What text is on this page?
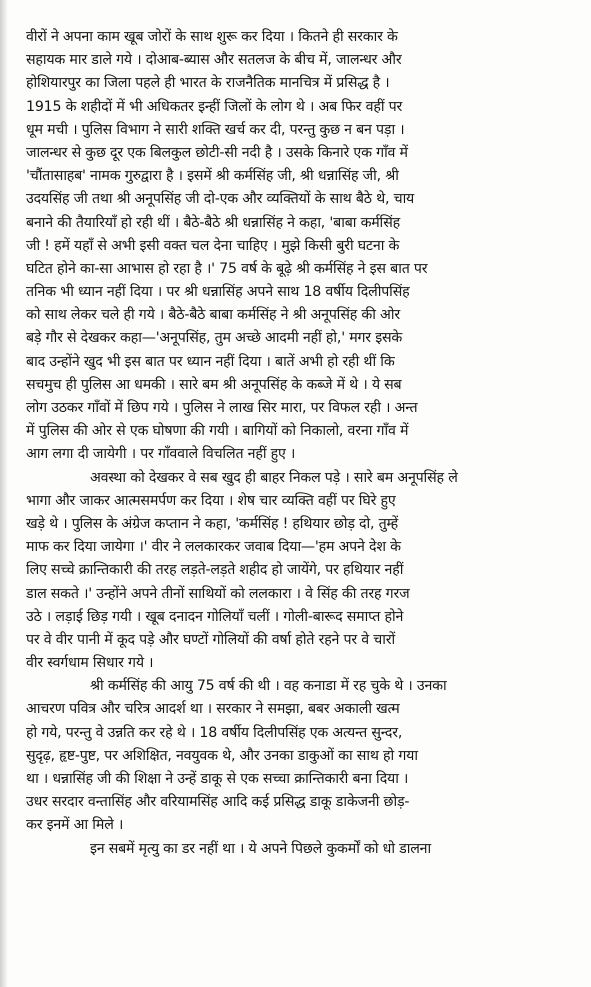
वीरों ने अपना काम खूब जोरों के साथ शुरू कर दिया । कितने ही सरकार के
सहायक मार डाले गये । दोआब-ब्यास और सतलज के बीच में, जालन्धर और
होशियारपुर का जिला पहले ही भारत के राजनैतिक मानचित्र में प्रसिद्ध है ।
1915 के शहीदों में भी अधिकतर इन्हीं जिलों के लोग थे । अब फिर वहीं पर
धूम मची । पुलिस विभाग ने सारी शक्ति खर्च कर दी, परन्तु कुछ न बन पड़ा ।
जालन्धर से कुछ दूर एक बिलकुल छोटी-सी नदी है । उसके किनारे एक गाँव में
'चौंतासाहब' नामक गुरुद्वारा है । इसमें श्री कर्मसिंह जी, श्री धन्नासिंह जी, श्री
उदयसिंह जी तथा श्री अनूपसिंह जी दो-एक और व्यक्तियों के साथ बैठे थे, चाय
बनाने की तैयारियाँ हो रही थीं । बैठे-बैठे श्री धन्नासिंह ने कहा, 'बाबा कर्मसिंह
जी ! हमें यहाँ से अभी इसी वक्त चल देना चाहिए । मुझे किसी बुरी घटना के
घटित होने का-सा आभास हो रहा है ।' 75 वर्ष के बूढ़े श्री कर्मसिंह ने इस बात पर
तनिक भी ध्यान नहीं दिया । पर श्री धन्नासिंह अपने साथ 18 वर्षीय दिलीपसिंह
को साथ लेकर चले ही गये । बैठे-बैठे बाबा कर्मसिंह ने श्री अनूपसिंह की ओर
बड़े गौर से देखकर कहा—'अनूपसिंह, तुम अच्छे आदमी नहीं हो,' मगर इसके
बाद उन्होंने खुद भी इस बात पर ध्यान नहीं दिया । बातें अभी हो रही थीं कि
सचमुच ही पुलिस आ धमकी । सारे बम श्री अनूपसिंह के कब्जे में थे । ये सब
लोग उठकर गाँवों में छिप गये । पुलिस ने लाख सिर मारा, पर विफल रही । अन्त
में पुलिस की ओर से एक घोषणा की गयी । बागियों को निकालो, वरना गाँव में
आग लगा दी जायेगी । पर गाँववाले विचलित नहीं हुए ।
अवस्था को देखकर वे सब खुद ही बाहर निकल पड़े । सारे बम अनूपसिंह ले
भागा और जाकर आत्मसमर्पण कर दिया । शेष चार व्यक्ति वहीं पर घिरे हुए
खड़े थे । पुलिस के अंग्रेज कप्तान ने कहा, 'कर्मसिंह ! हथियार छोड़ दो, तुम्हें
माफ कर दिया जायेगा ।' वीर ने ललकारकर जवाब दिया—'हम अपने देश के
लिए सच्चे क्रान्तिकारी की तरह लड़ते-लड़ते शहीद हो जायेंगे, पर हथियार नहीं
डाल सकते ।' उन्होंने अपने तीनों साथियों को ललकारा । वे सिंह की तरह गरज
उठे । लड़ाई छिड़ गयी । खूब दनादन गोलियाँ चलीं । गोली-बारूद समाप्त होने
पर वे वीर पानी में कूद पड़े और घण्टों गोलियों की वर्षा होते रहने पर वे चारों
वीर स्वर्गधाम सिधार गये ।
श्री कर्मसिंह की आयु 75 वर्ष की थी । वह कनाडा में रह चुके थे । उनका
आचरण पवित्र और चरित्र आदर्श था । सरकार ने समझा, बबर अकाली खत्म
हो गये, परन्तु वे उन्नति कर रहे थे । 18 वर्षीय दिलीपसिंह एक अत्यन्त सुन्दर,
सुदृढ़, हृष्ट-पुष्ट, पर अशिक्षित, नवयुवक थे, और उनका डाकुओं का साथ हो गया
था । धन्नासिंह जी की शिक्षा ने उन्हें डाकू से एक सच्चा क्रान्तिकारी बना दिया ।
उधर सरदार वन्तासिंह और वरियामसिंह आदि कई प्रसिद्ध डाकू डाकेजनी छोड़-
कर इनमें आ मिले ।
इन सबमें मृत्यु का डर नहीं था । ये अपने पिछले कुकर्मों को धो डालना
